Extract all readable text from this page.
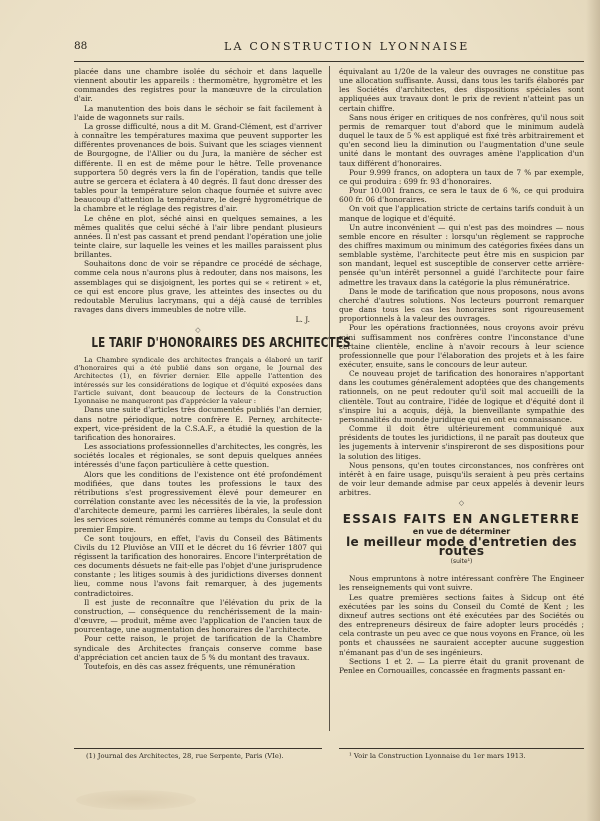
88	LA CONSTRUCTION LYONNAISE

placée dans une chambre isolée du séchoir et dans laquelle viennent aboutir les appareils : thermomètre, hygromètre et les commandes des registres pour la manœuvre de la circulation d'air.

La manutention des bois dans le séchoir se fait facilement à l'aide de wagonnets sur rails.

La grosse difficulté, nous a dit M. Grand-Clément, est d'arriver à connaître les températures maxima que peuvent supporter les différentes provenances de bois. Suivant que les sciages viennent de Bourgogne, de l'Allier ou du Jura, la manière de sécher est différente. Il en est de même pour le hêtre. Telle provenance supportera 50 degrés vers la fin de l'opération, tandis que telle autre se gercera et éclatera à 40 degrés. Il faut donc dresser des tables pour la température selon chaque fournée et suivre avec beaucoup d'attention la température, le degré hygrométrique de la chambre et le réglage des registres d'air.

Le chêne en plot, séché ainsi en quelques semaines, a les mêmes qualités que celui séché à l'air libre pendant plusieurs années. Il n'est pas cassant et prend pendant l'opération une jolie teinte claire, sur laquelle les veines et les mailles paraissent plus brillantes.

Souhaitons donc de voir se répandre ce procédé de séchage, comme cela nous n'aurons plus à redouter, dans nos maisons, les assemblages qui se disjoignent, les portes qui se « retirent » et, ce qui est encore plus grave, les atteintes des insectes ou du redoutable Merulius lacrymans, qui a déjà causé de terribles ravages dans divers immeubles de notre ville.

L. J.
◇
LE TARIF D'HONORAIRES DES ARCHITECTES

La Chambre syndicale des architectes français a élaboré un tarif d'honoraires qui a été publié dans son organe, le Journal des Architectes (1), en février dernier. Elle appelle l'attention des intéressés sur les considérations de logique et d'équité exposées dans l'article suivant, dont beaucoup de lecteurs de la Construction Lyonnaise ne manqueront pas d'apprécier la valeur :

Dans une suite d'articles très documentés publiés l'an dernier, dans notre périodique, notre confrère E. Perney, architecte-expert, vice-président de la C.S.A.F., a étudié la question de la tarification des honoraires.

Les associations professionnelles d'architectes, les congrès, les sociétés locales et régionales, se sont depuis quelques années intéressés d'une façon particulière à cette question.

Alors que les conditions de l'existence ont été profondément modifiées, que dans toutes les professions le taux des rétributions s'est progressivement élevé pour demeurer en corrélation constante avec les nécessités de la vie, la profession d'architecte demeure, parmi les carrières libérales, la seule dont les services soient rémunérés comme au temps du Consulat et du premier Empire.

Ce sont toujours, en effet, l'avis du Conseil des Bâtiments Civils du 12 Pluviôse an VIII et le décret du 16 février 1807 qui régissent la tarification des honoraires. Encore l'interprétation de ces documents désuets ne fait-elle pas l'objet d'une jurisprudence constante ; les litiges soumis à des juridictions diverses donnent lieu, comme nous l'avons fait remarquer, à des jugements contradictoires.

Il est juste de reconnaître que l'élévation du prix de la construction, — conséquence du renchérissement de la main-d'œuvre, — produit, même avec l'application de l'ancien taux de pourcentage, une augmentation des honoraires de l'architecte.

Pour cette raison, le projet de tarification de la Chambre syndicale des Architectes français conserve comme base d'appréciation cet ancien taux de 5 % du montant des travaux.

Toutefois, en dès cas assez fréquents, une rémunération

équivalant au 1/20e de la valeur des ouvrages ne constitue pas une allocation suffisante. Aussi, dans tous les tarifs élaborés par les Sociétés d'architectes, des dispositions spéciales sont appliquées aux travaux dont le prix de revient n'atteint pas un certain chiffre.

Sans nous ériger en critiques de nos confrères, qu'il nous soit permis de remarquer tout d'abord que le minimum audelà duquel le taux de 5 % est appliqué est fixé très arbitrairement et qu'en second lieu la diminution ou l'augmentation d'une seule unité dans le montant des ouvrages amène l'application d'un taux différent d'honoraires.

Pour 9.999 francs, on adoptera un taux de 7 % par exemple, ce qui produira : 699 fr. 93 d'honoraires.

Pour 10.001 francs, ce sera le taux de 6 %, ce qui produira 600 fr. 06 d'honoraires.

On voit que l'application stricte de certains tarifs conduit à un manque de logique et d'équité.

Un autre inconvénient — qui n'est pas des moindres — nous semble encore en résulter : lorsqu'un règlement se rapproche des chiffres maximum ou minimum des catégories fixées dans un semblable système, l'architecte peut être mis en suspicion par son mandant, lequel est susceptible de conserver cette arrière-pensée qu'un intérêt personnel a guidé l'architecte pour faire admettre les travaux dans la catégorie la plus rémunératrice.

Dans le mode de tarification que nous proposons, nous avons cherché d'autres solutions. Nos lecteurs pourront remarquer que dans tous les cas les honoraires sont rigoureusement proportionnels à la valeur des ouvrages.

Pour les opérations fractionnées, nous croyons avoir prévu mini suffisamment nos confrères contre l'inconstance d'une certaine clientèle, encline à n'avoir recours à leur science professionnelle que pour l'élaboration des projets et à les faire exécuter, ensuite, sans le concours de leur auteur.

Ce nouveau projet de tarification des honoraires n'apportant dans les coutumes généralement adoptées que des changements rationnels, on ne peut redouter qu'il soit mal accueilli de la clientèle. Tout au contraire, l'idée de logique et d'équité dont il s'inspire lui a acquis, déjà, la bienveillante sympathie des personnalités du monde juridique qui en ont eu connaissance.

Comme il doit être ultérieurement communiqué aux présidents de toutes les juridictions, il ne paraît pas douteux que les jugements à intervenir s'inspireront de ses dispositions pour la solution des litiges.

Nous pensons, qu'en toutes circonstances, nos confrères ont intérêt à en faire usage, puisqu'ils seraient à peu près certains de voir leur demande admise par ceux appelés à devenir leurs arbitres.

◇
ESSAIS FAITS EN ANGLETERRE
en vue de déterminer
le meilleur mode d'entretien des routes
(suite¹)

Nous empruntons à notre intéressant confrère The Engineer les renseignements qui vont suivre.

Les quatre premières sections faites à Sidcup ont été exécutées par les soins du Conseil du Comté de Kent ; les dixneuf autres sections ont été exécutées par des Sociétés ou des entrepreneurs désireux de faire adopter leurs procédés ; cela contraste un peu avec ce que nous voyons en France, où les ponts et chaussées ne sauraient accepter aucune suggestion n'émanant pas d'un de ses ingénieurs.

Sections 1 et 2. — La pierre était du granit provenant de Penlee en Cornouailles, concassée en fragments passant en-

(1) Journal des Architectes, 28, rue Serpente, Paris (VIe).	¹ Voir la Construction Lyonnaise du 1er mars 1913.
